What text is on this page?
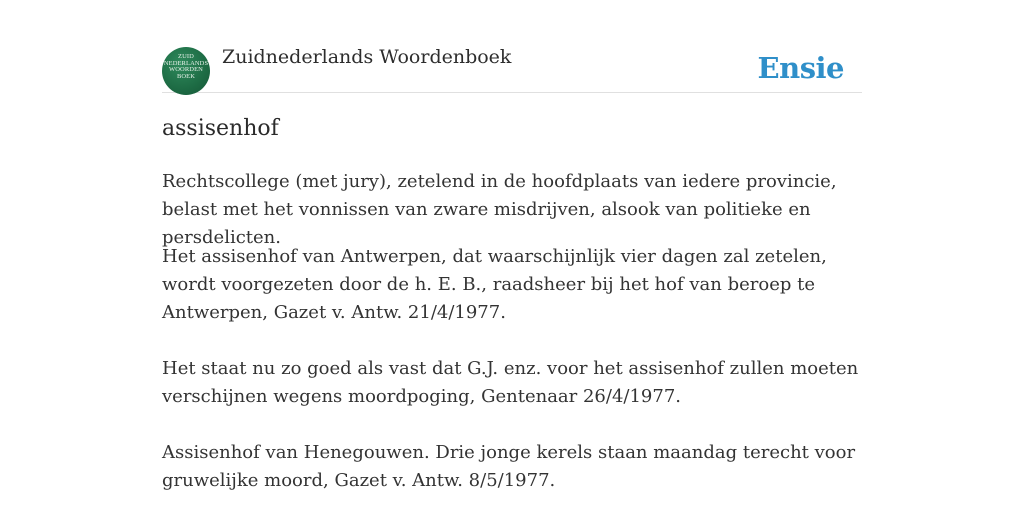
ZUID
NEDERLANDS
WOORDEN
BOEK
Zuidnederlands Woordenboek	Ensie
assisenhof
Rechtscollege (met jury), zetelend in de hoofdplaats van iedere provincie, belast met het vonnissen van zware misdrijven, alsook van politieke en persdelicten.

Het assisenhof van Antwerpen, dat waarschijnlijk vier dagen zal zetelen, wordt voorgezeten door de h. E. B., raadsheer bij het hof van beroep te Antwerpen, Gazet v. Antw. 21/4/1977.

Het staat nu zo goed als vast dat G.J. enz. voor het assisenhof zullen moeten verschijnen wegens moordpoging, Gentenaar 26/4/1977.

Assisenhof van Henegouwen. Drie jonge kerels staan maandag terecht voor gruwelijke moord, Gazet v. Antw. 8/5/1977.
